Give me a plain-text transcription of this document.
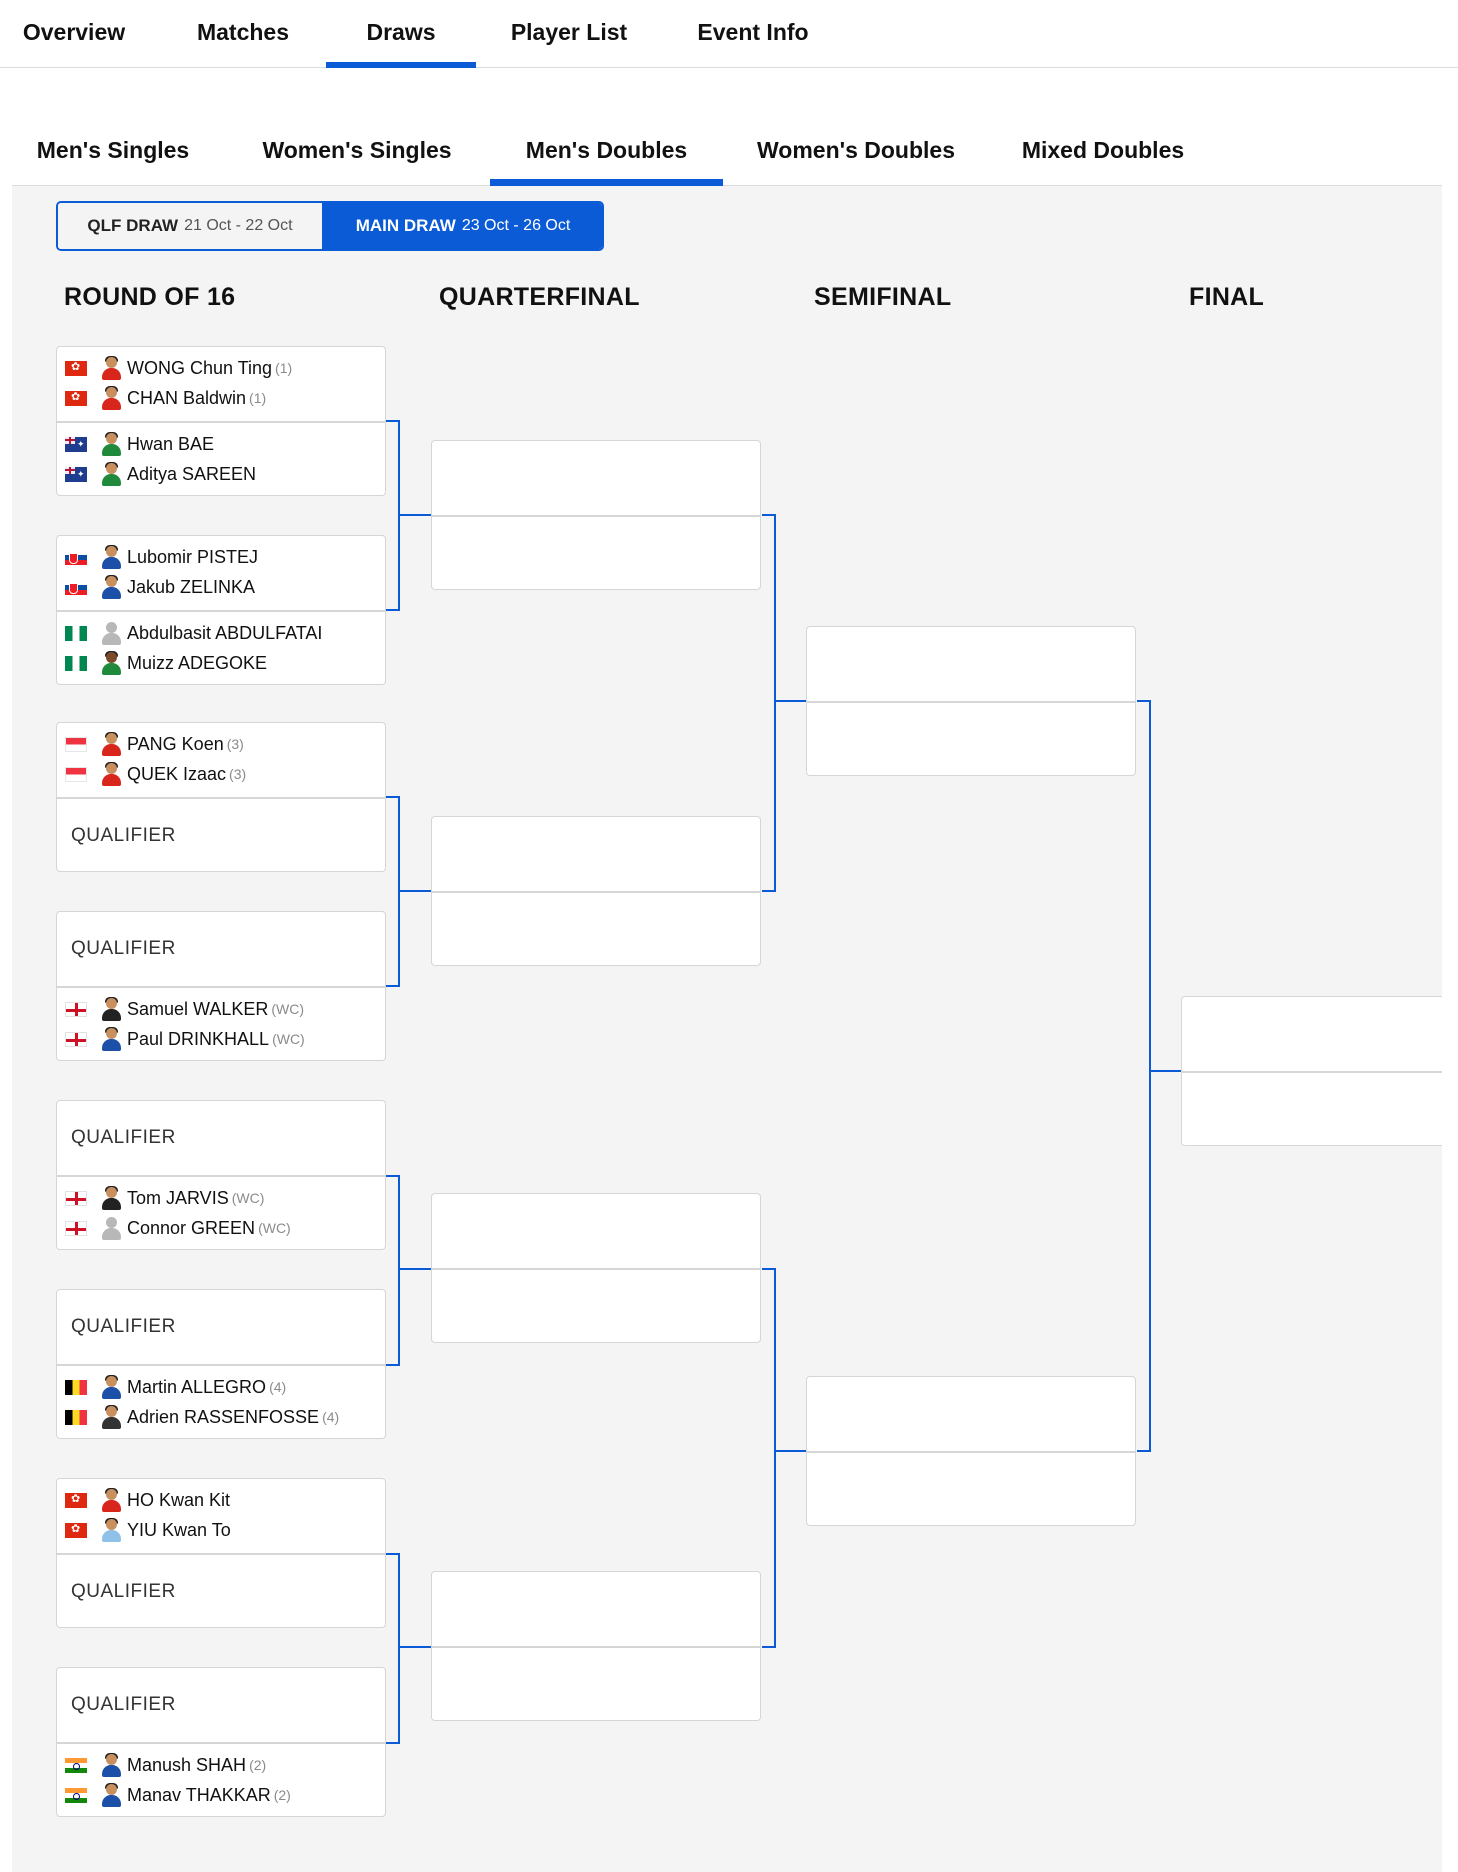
Overview	Matches	Draws	Player List	Event Info
Men's Singles	Women's Singles	Men's Doubles	Women's Doubles	Mixed Doubles
QLF DRAW 21 Oct - 22 Oct	MAIN DRAW 23 Oct - 26 Oct
ROUND OF 16	QUARTERFINAL	SEMIFINAL	FINAL
✿
WONG Chun Ting (1)
✿
CHAN Baldwin (1)
✦
Hwan BAE
✦
Aditya SAREEN
Lubomir PISTEJ
Jakub ZELINKA
Abdulbasit ABDULFATAI
Muizz ADEGOKE
PANG Koen (3)
QUEK Izaac (3)
QUALIFIER
QUALIFIER
Samuel WALKER (WC)
Paul DRINKHALL (WC)
QUALIFIER
Tom JARVIS (WC)
Connor GREEN (WC)
QUALIFIER
Martin ALLEGRO (4)
Adrien RASSENFOSSE (4)
✿
HO Kwan Kit
✿
YIU Kwan To
QUALIFIER
QUALIFIER
Manush SHAH (2)
Manav THAKKAR (2)
